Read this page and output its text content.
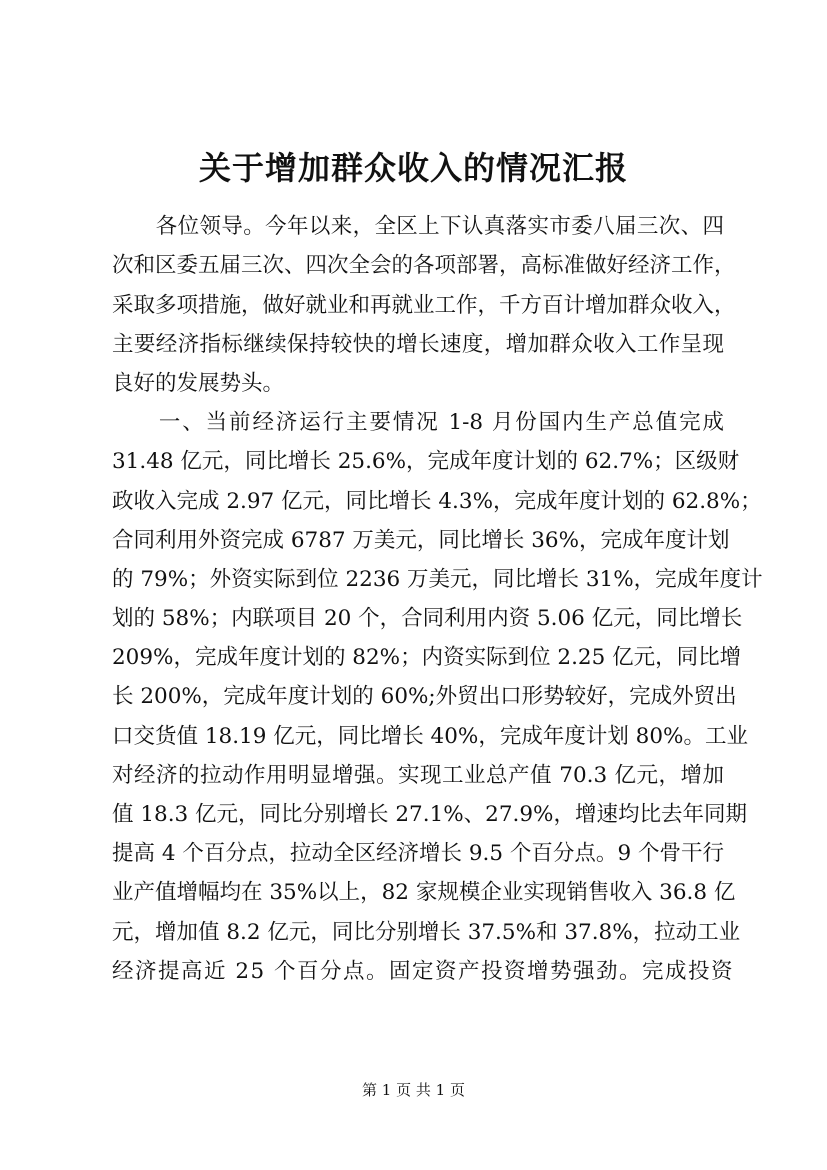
关于增加群众收入的情况汇报
　　各位领导。今年以来，全区上下认真落实市委八届三次、四
次和区委五届三次、四次全会的各项部署，高标准做好经济工作，
采取多项措施，做好就业和再就业工作，千方百计增加群众收入，
主要经济指标继续保持较快的增长速度，增加群众收入工作呈现
良好的发展势头。
　　一、当前经济运行主要情况 1-8 月份国内生产总值完成
31.48 亿元，同比增长 25.6%，完成年度计划的 62.7%；区级财
政收入完成 2.97 亿元，同比增长 4.3%，完成年度计划的 62.8%；
合同利用外资完成 6787 万美元，同比增长 36%，完成年度计划
的 79%；外资实际到位 2236 万美元，同比增长 31%，完成年度计
划的 58%；内联项目 20 个，合同利用内资 5.06 亿元，同比增长
209%，完成年度计划的 82%；内资实际到位 2.25 亿元，同比增
长 200%，完成年度计划的 60%;外贸出口形势较好，完成外贸出
口交货值 18.19 亿元，同比增长 40%，完成年度计划 80%。工业
对经济的拉动作用明显增强。实现工业总产值 70.3 亿元，增加
值 18.3 亿元，同比分别增长 27.1%、27.9%，增速均比去年同期
提高 4 个百分点，拉动全区经济增长 9.5 个百分点。9 个骨干行
业产值增幅均在 35%以上，82 家规模企业实现销售收入 36.8 亿
元，增加值 8.2 亿元，同比分别增长 37.5%和 37.8%，拉动工业
经济提高近 25 个百分点。固定资产投资增势强劲。完成投资
第 1 页 共 1 页
